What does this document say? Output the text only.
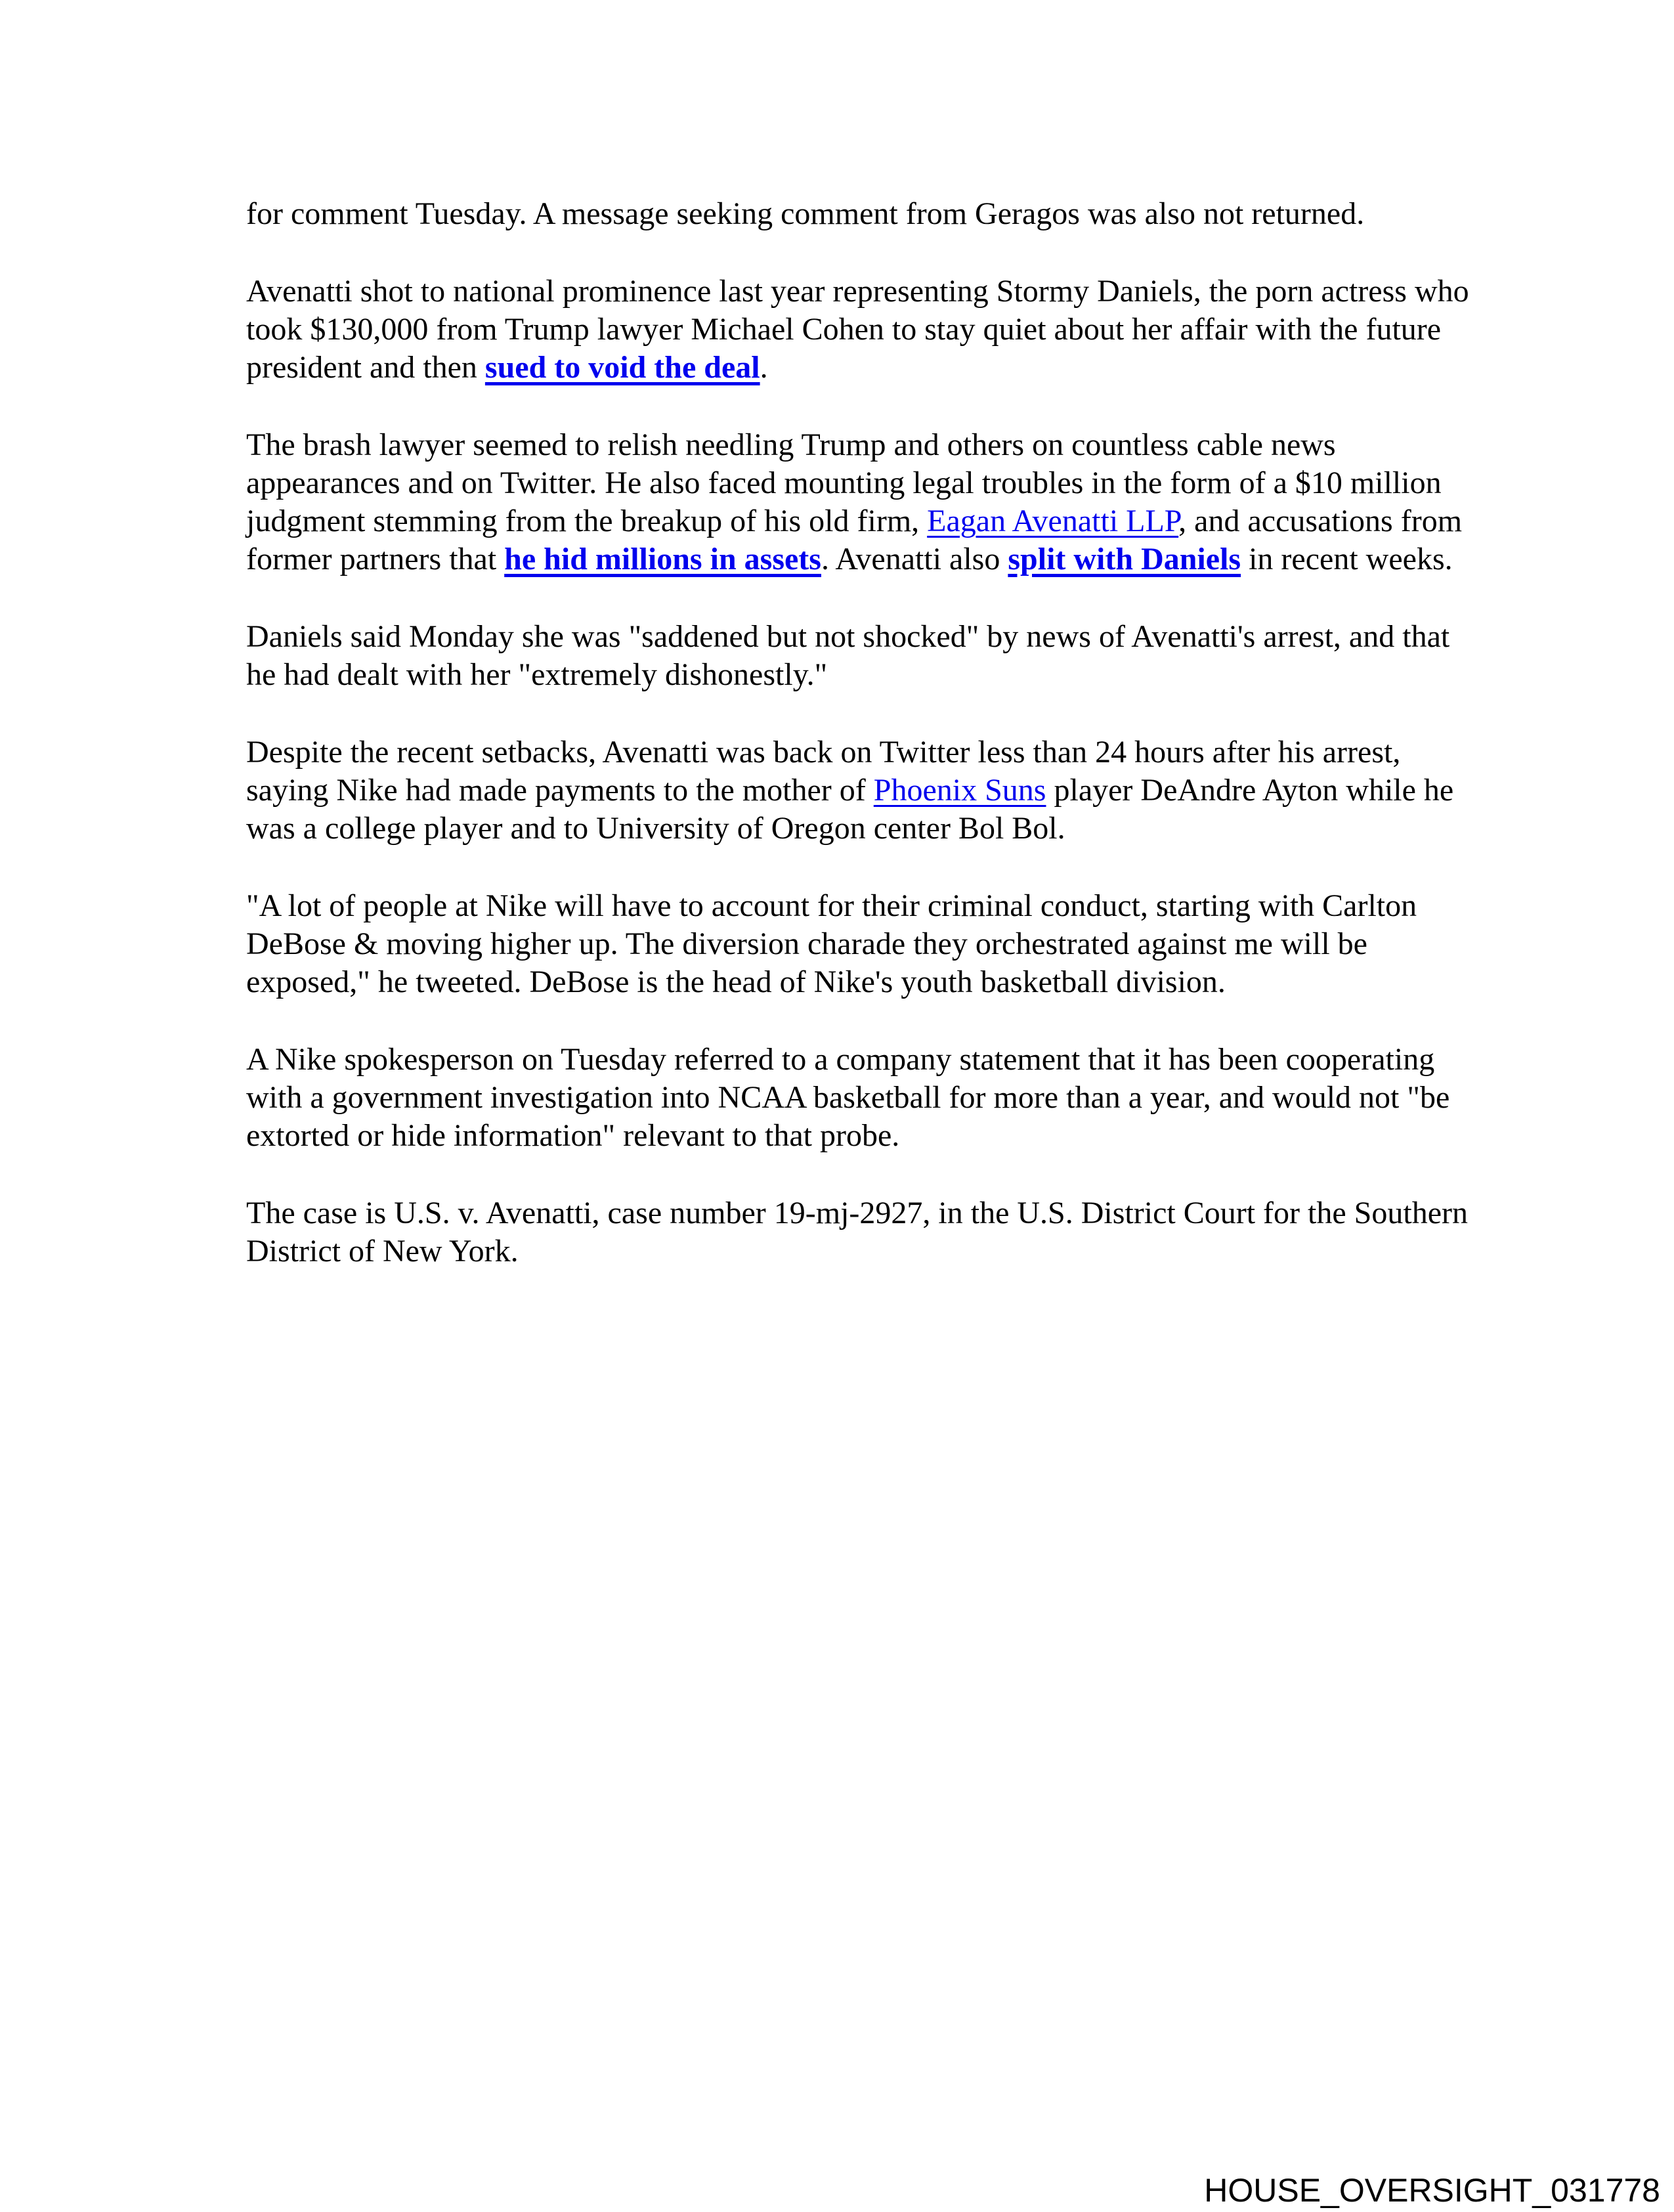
for comment Tuesday. A message seeking comment from Geragos was also not returned.

Avenatti shot to national prominence last year representing Stormy Daniels, the porn actress who took $130,000 from Trump lawyer Michael Cohen to stay quiet about her affair with the future president and then sued to void the deal.

The brash lawyer seemed to relish needling Trump and others on countless cable news appearances and on Twitter. He also faced mounting legal troubles in the form of a $10 million judgment stemming from the breakup of his old firm, Eagan Avenatti LLP, and accusations from former partners that he hid millions in assets. Avenatti also split with Daniels in recent weeks.

Daniels said Monday she was "saddened but not shocked" by news of Avenatti's arrest, and that he had dealt with her "extremely dishonestly."

Despite the recent setbacks, Avenatti was back on Twitter less than 24 hours after his arrest, saying Nike had made payments to the mother of Phoenix Suns player DeAndre Ayton while he was a college player and to University of Oregon center Bol Bol.

"A lot of people at Nike will have to account for their criminal conduct, starting with Carlton DeBose & moving higher up. The diversion charade they orchestrated against me will be exposed," he tweeted. DeBose is the head of Nike's youth basketball division.

A Nike spokesperson on Tuesday referred to a company statement that it has been cooperating with a government investigation into NCAA basketball for more than a year, and would not "be extorted or hide information" relevant to that probe.

The case is U.S. v. Avenatti, case number 19-mj-2927, in the U.S. District Court for the Southern District of New York.

HOUSE_OVERSIGHT_031778
